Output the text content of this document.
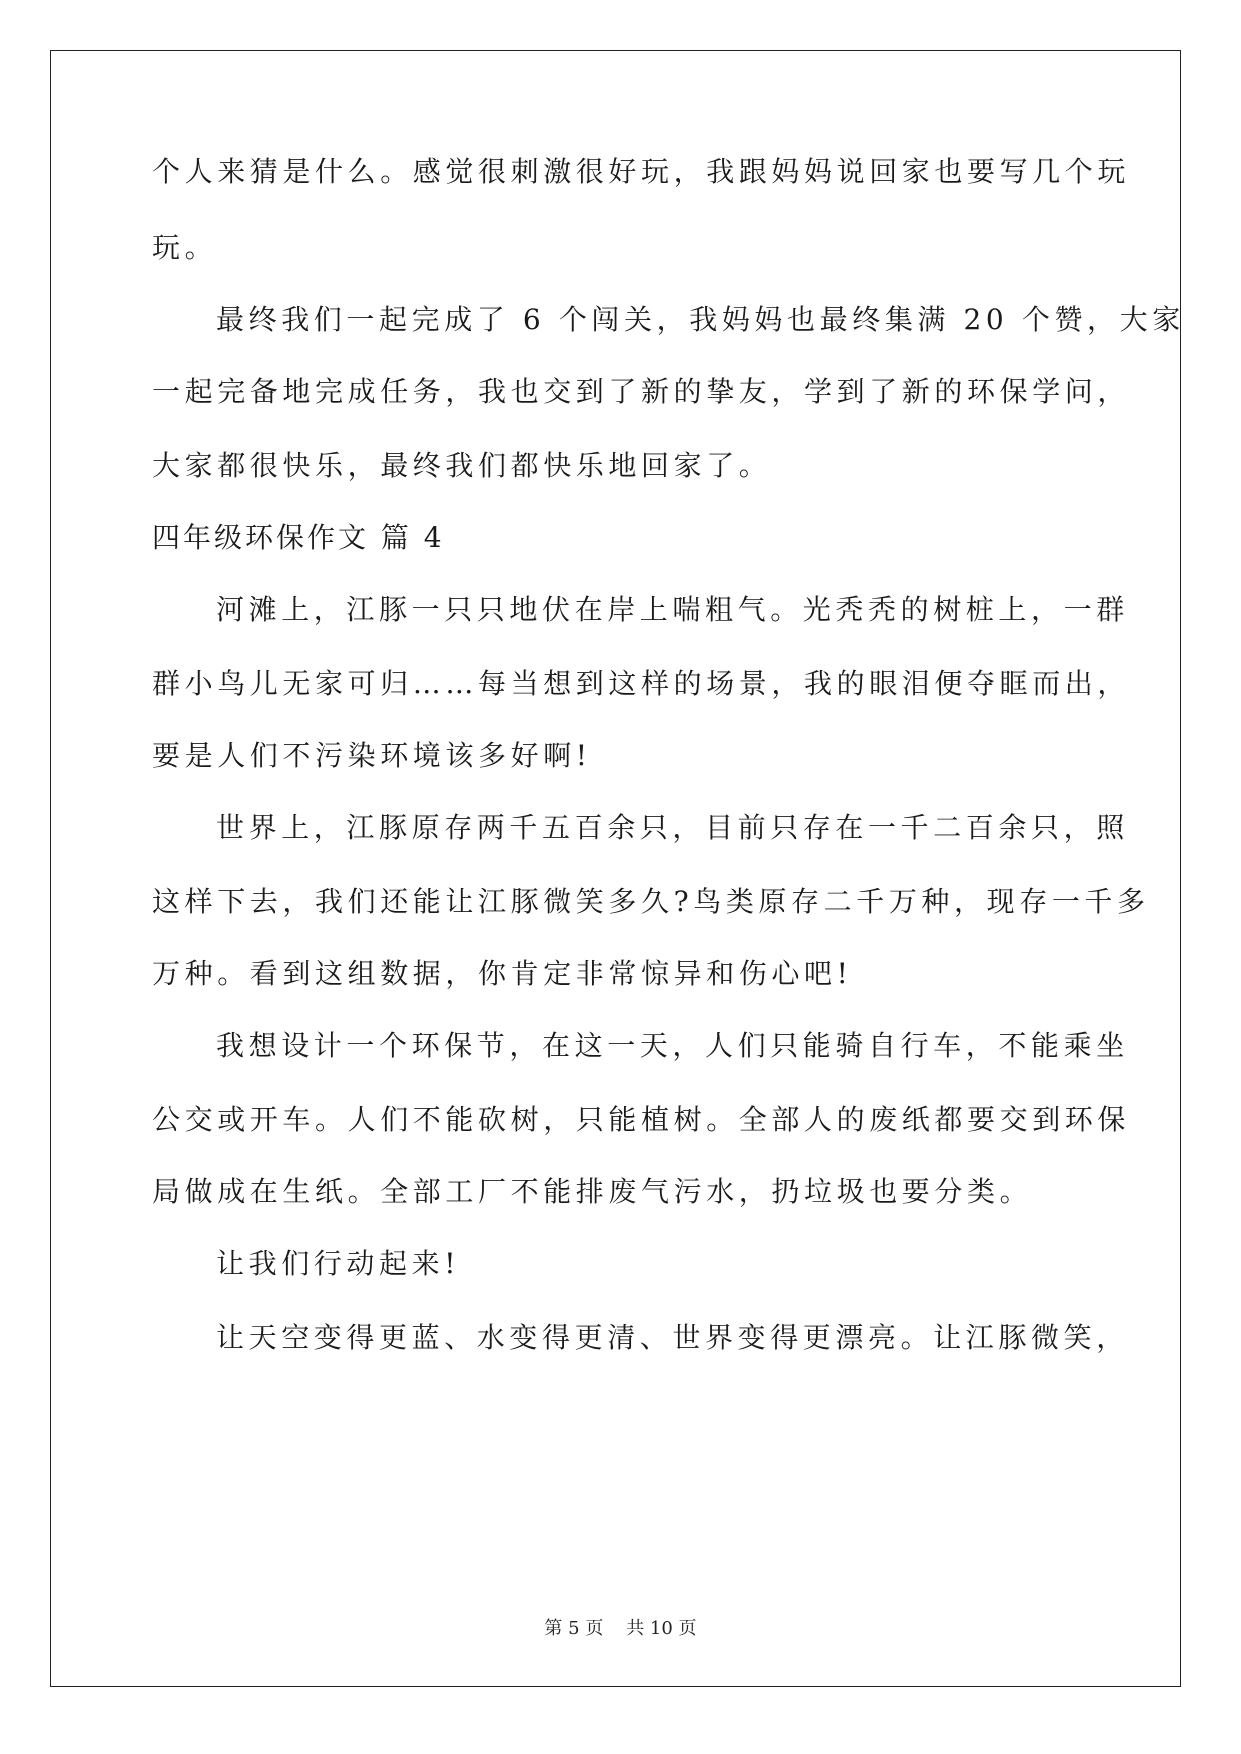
个人来猜是什么。感觉很刺激很好玩，我跟妈妈说回家也要写几个玩
玩。
最终我们一起完成了 6 个闯关，我妈妈也最终集满 20 个赞，大家
一起完备地完成任务，我也交到了新的挚友，学到了新的环保学问，
大家都很快乐，最终我们都快乐地回家了。
四年级环保作文 篇 4
河滩上，江豚一只只地伏在岸上喘粗气。光秃秃的树桩上，一群
群小鸟儿无家可归……每当想到这样的场景，我的眼泪便夺眶而出，
要是人们不污染环境该多好啊!
世界上，江豚原存两千五百余只，目前只存在一千二百余只，照
这样下去，我们还能让江豚微笑多久?鸟类原存二千万种，现存一千多
万种。看到这组数据，你肯定非常惊异和伤心吧!
我想设计一个环保节，在这一天，人们只能骑自行车，不能乘坐
公交或开车。人们不能砍树，只能植树。全部人的废纸都要交到环保
局做成在生纸。全部工厂不能排废气污水，扔垃圾也要分类。
让我们行动起来!
让天空变得更蓝、水变得更清、世界变得更漂亮。让江豚微笑，
第 5 页    共 10 页
